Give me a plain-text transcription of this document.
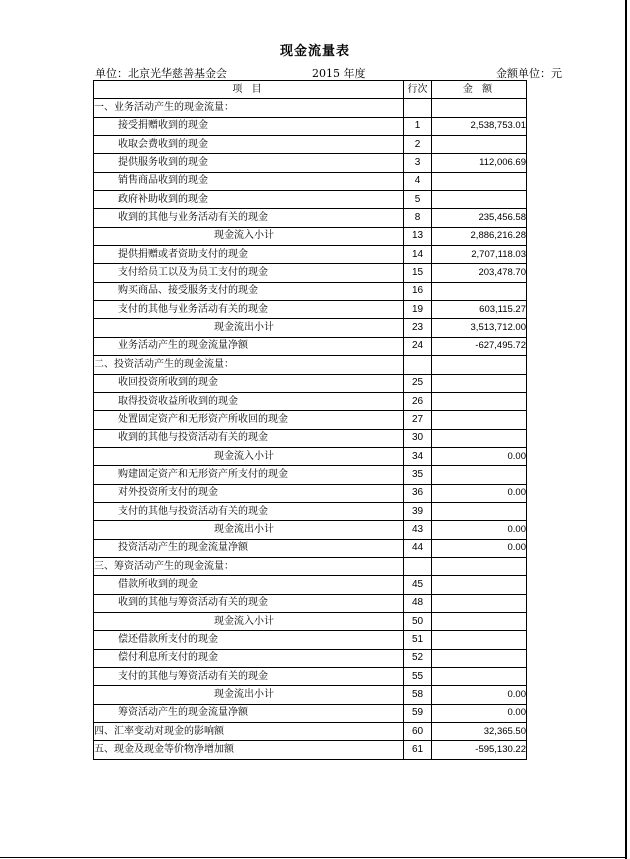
现金流量表
单位：北京光华慈善基金会	2015 年度	金额单位：元
项 目	行次	金 额
一、业务活动产生的现金流量：		
接受捐赠收到的现金	1	2,538,753.01
收取会费收到的现金	2	
提供服务收到的现金	3	112,006.69
销售商品收到的现金	4	
政府补助收到的现金	5	
收到的其他与业务活动有关的现金	8	235,456.58
现金流入小计	13	2,886,216.28
提供捐赠或者资助支付的现金	14	2,707,118.03
支付给员工以及为员工支付的现金	15	203,478.70
购买商品、接受服务支付的现金	16	
支付的其他与业务活动有关的现金	19	603,115.27
现金流出小计	23	3,513,712.00
业务活动产生的现金流量净额	24	-627,495.72
二、投资活动产生的现金流量：		
收回投资所收到的现金	25	
取得投资收益所收到的现金	26	
处置固定资产和无形资产所收回的现金	27	
收到的其他与投资活动有关的现金	30	
现金流入小计	34	0.00
购建固定资产和无形资产所支付的现金	35	
对外投资所支付的现金	36	0.00
支付的其他与投资活动有关的现金	39	
现金流出小计	43	0.00
投资活动产生的现金流量净额	44	0.00
三、筹资活动产生的现金流量：		
借款所收到的现金	45	
收到的其他与筹资活动有关的现金	48	
现金流入小计	50	
偿还借款所支付的现金	51	
偿付利息所支付的现金	52	
支付的其他与筹资活动有关的现金	55	
现金流出小计	58	0.00
筹资活动产生的现金流量净额	59	0.00
四、汇率变动对现金的影响额	60	32,365.50
五、现金及现金等价物净增加额	61	-595,130.22
